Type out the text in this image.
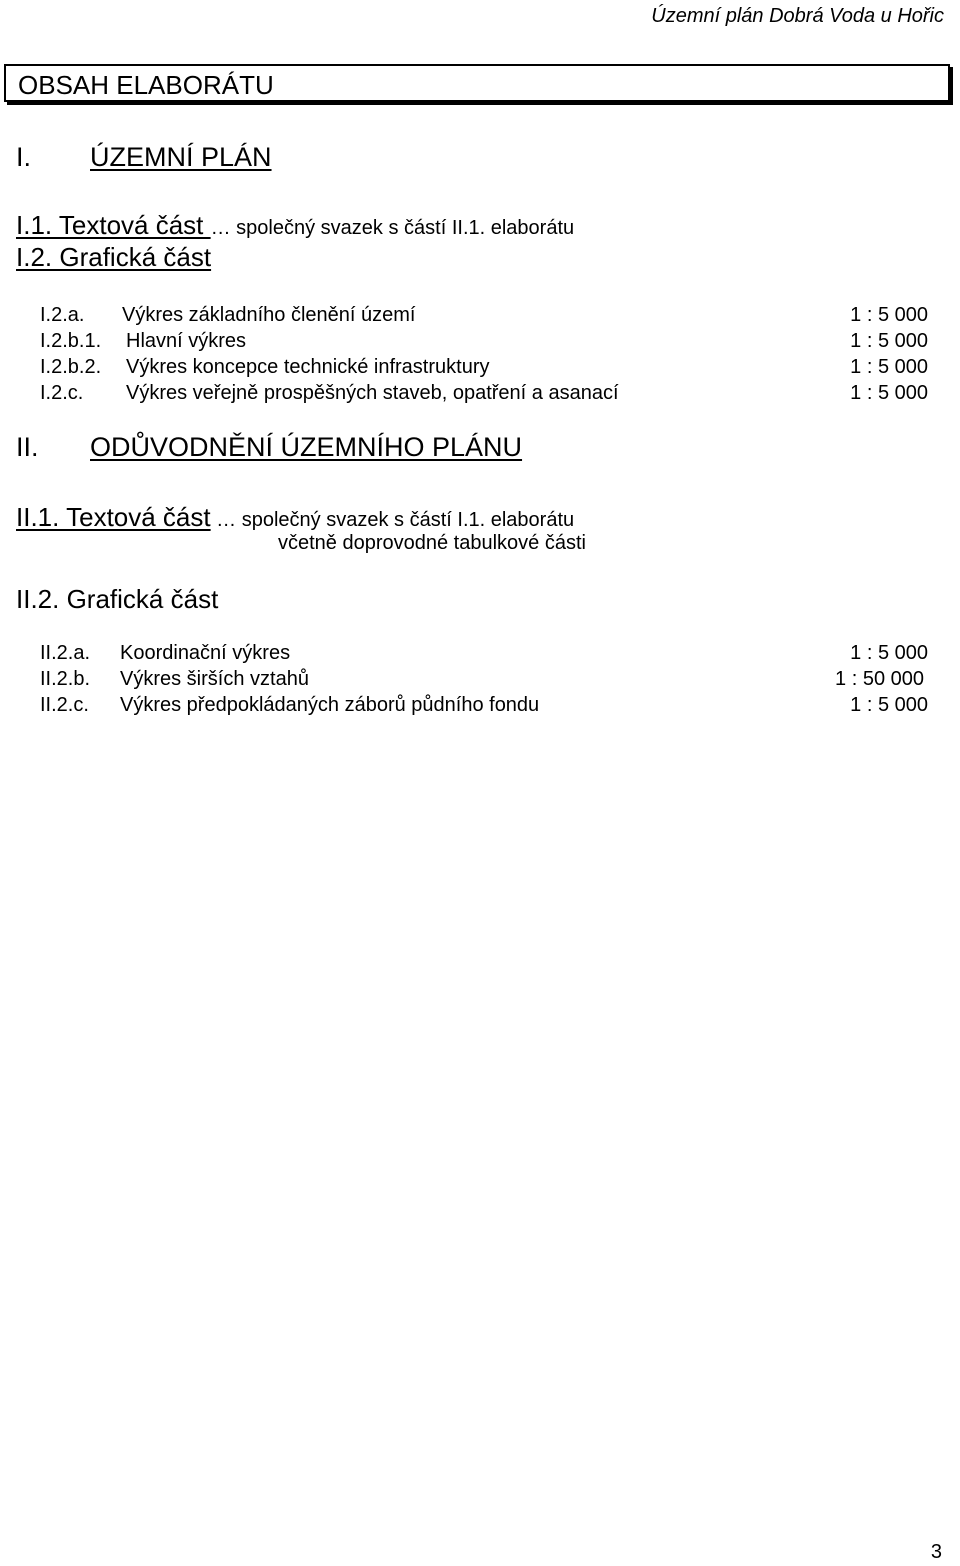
Územní plán Dobrá Voda u Hořic
OBSAH ELABORÁTU
I. ÚZEMNÍ PLÁN
I.1. Textová část … společný svazek s částí II.1. elaborátu
I.2. Grafická část
I.2.a. Výkres základního členění území	1 : 5 000
I.2.b.1. Hlavní výkres	1 : 5 000
I.2.b.2. Výkres koncepce technické infrastruktury	1 : 5 000
I.2.c. Výkres veřejně prospěšných staveb, opatření a asanací	1 : 5 000
II. ODŮVODNĚNÍ ÚZEMNÍHO PLÁNU
II.1. Textová část … společný svazek s částí I.1. elaborátu
včetně doprovodné tabulkové části
II.2. Grafická část
II.2.a. Koordinační výkres	1 : 5 000
II.2.b. Výkres širších vztahů	1 : 50 000
II.2.c. Výkres předpokládaných záborů půdního fondu	1 : 5 000
3
